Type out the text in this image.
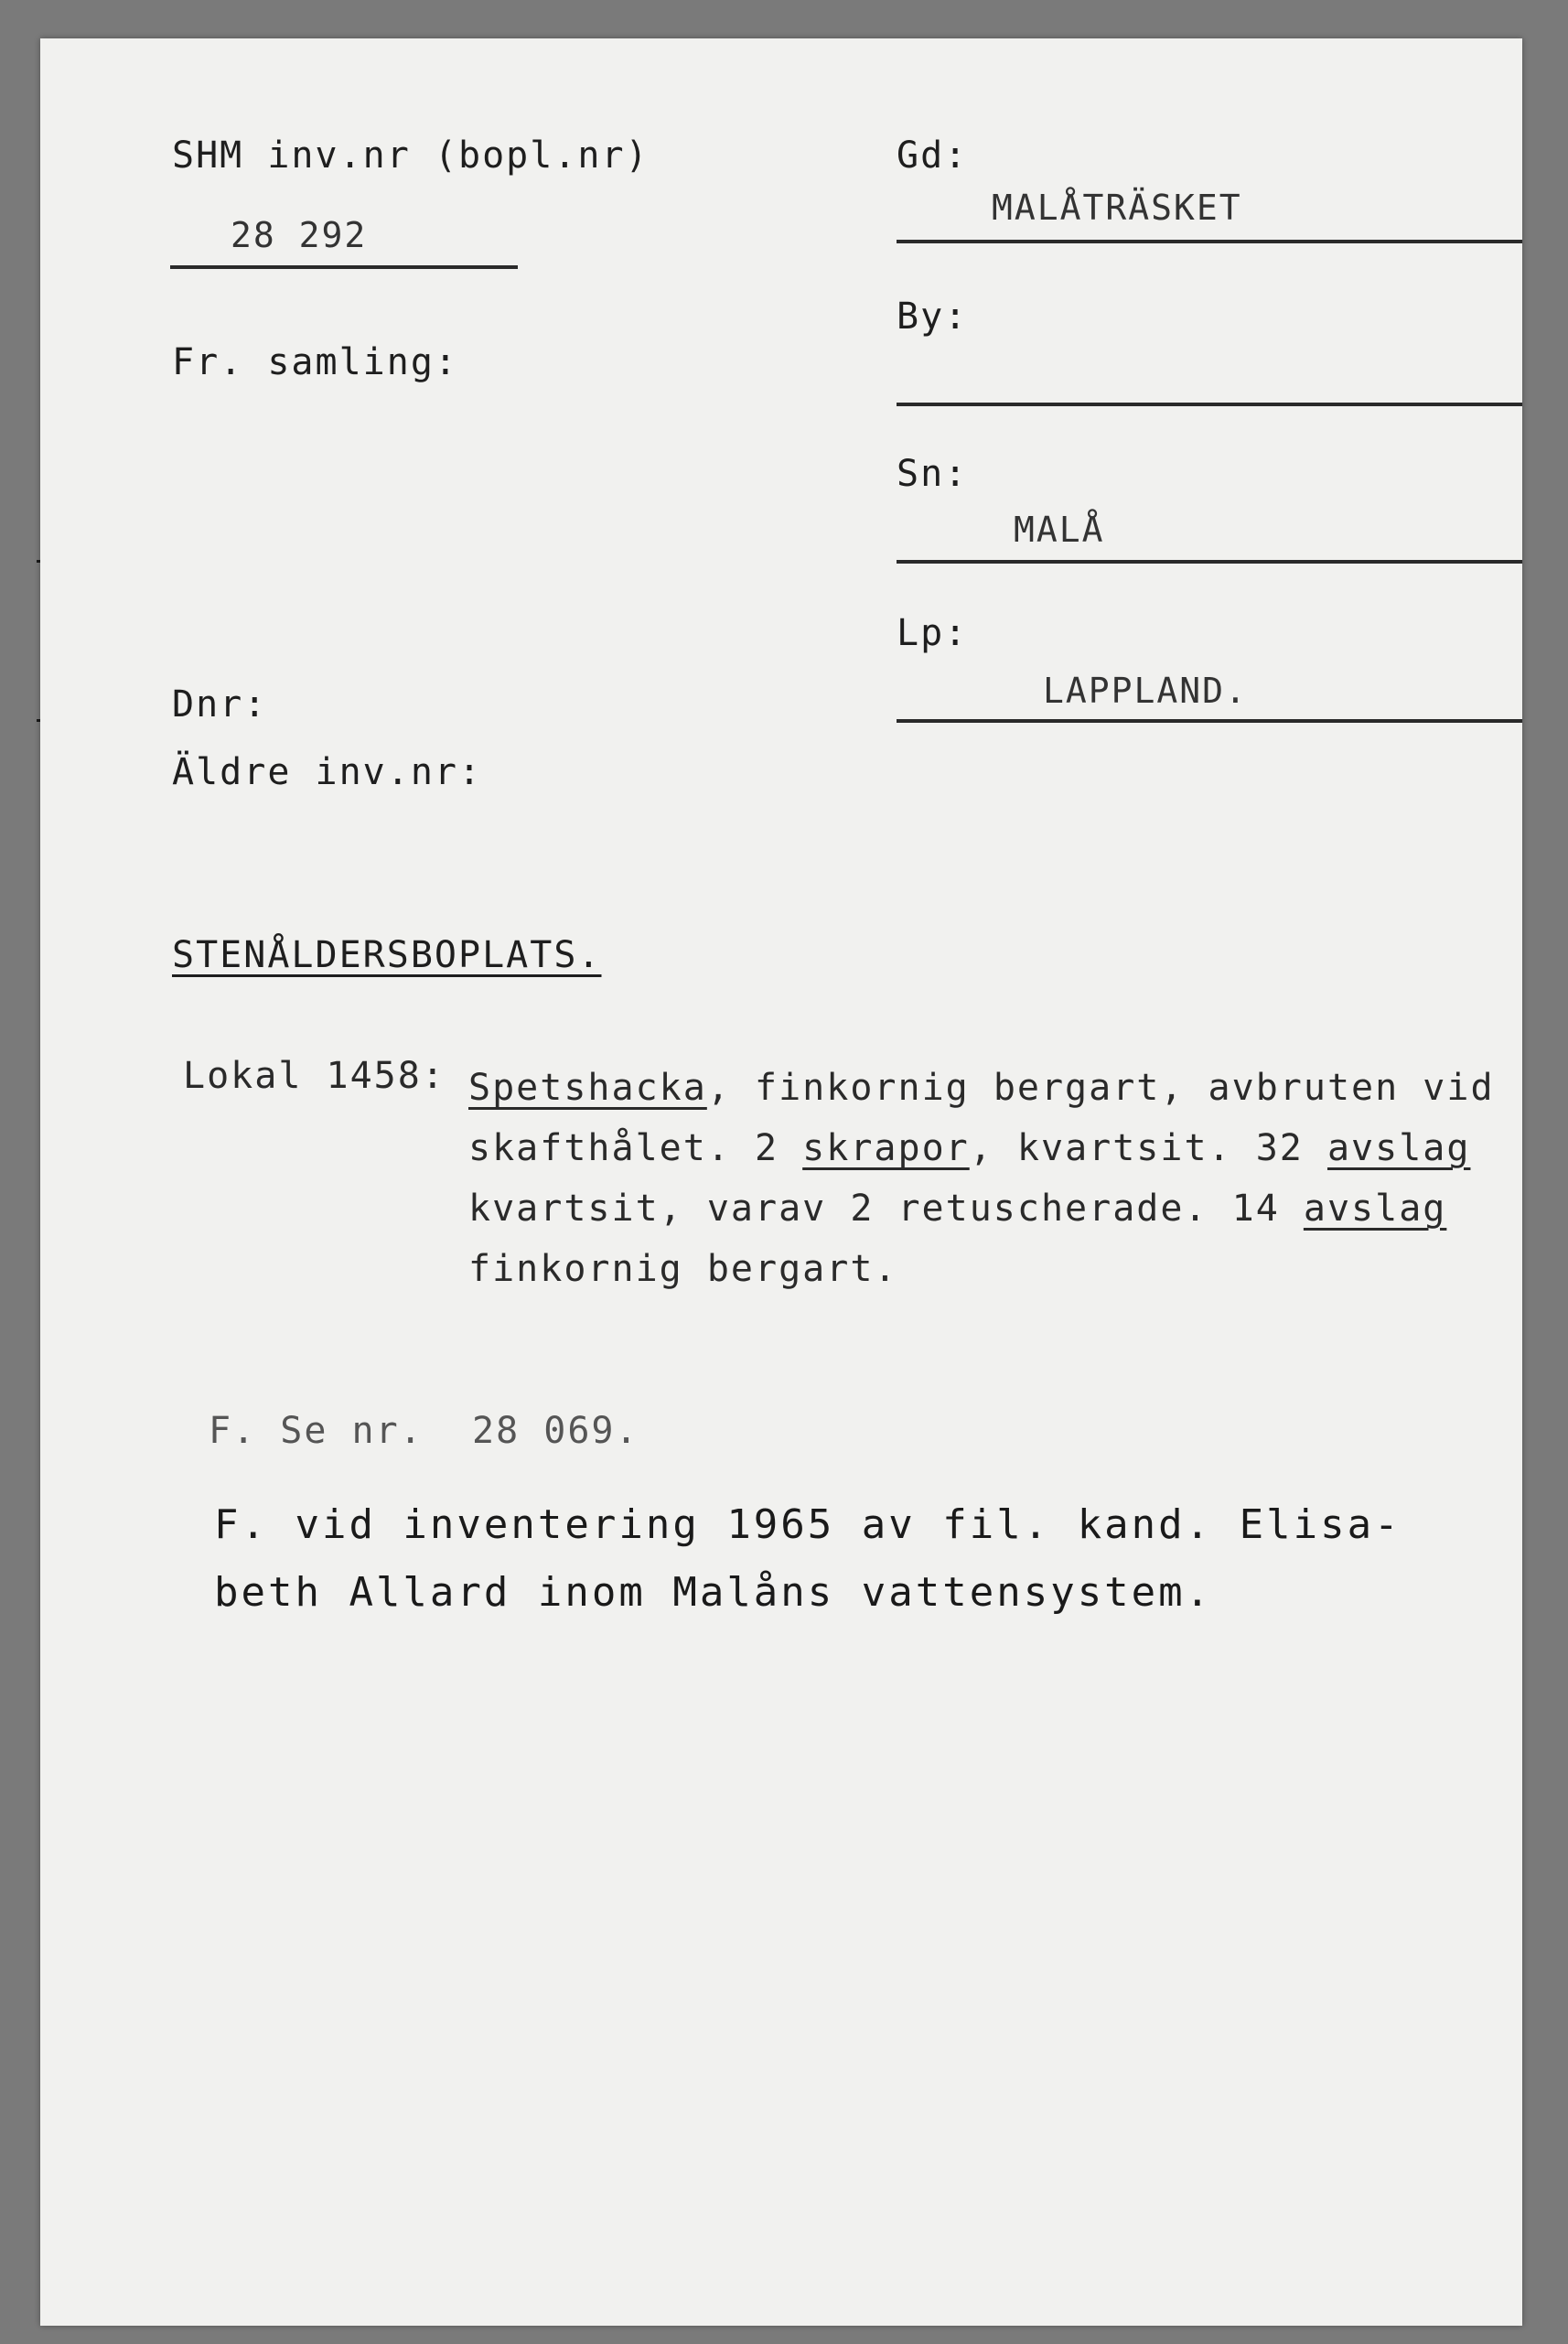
SHM inv.nr (bopl.nr)
28 292
Fr. samling:
Dnr:
Äldre inv.nr:
Gd:
MALÅTRÄSKET
By:
Sn:
MALÅ
Lp:
LAPPLAND.
STENÅLDERSBOPLATS.
Lokal 1458: Spetshacka, finkornig bergart, avbruten vid
skafthålet. 2 skrapor, kvartsit. 32 avslag
kvartsit, varav 2 retuscherade. 14 avslag
finkornig bergart.
F. Se nr. 28 069.
F. vid inventering 1965 av fil. kand. Elisa-
beth Allard inom Malåns vattensystem.
